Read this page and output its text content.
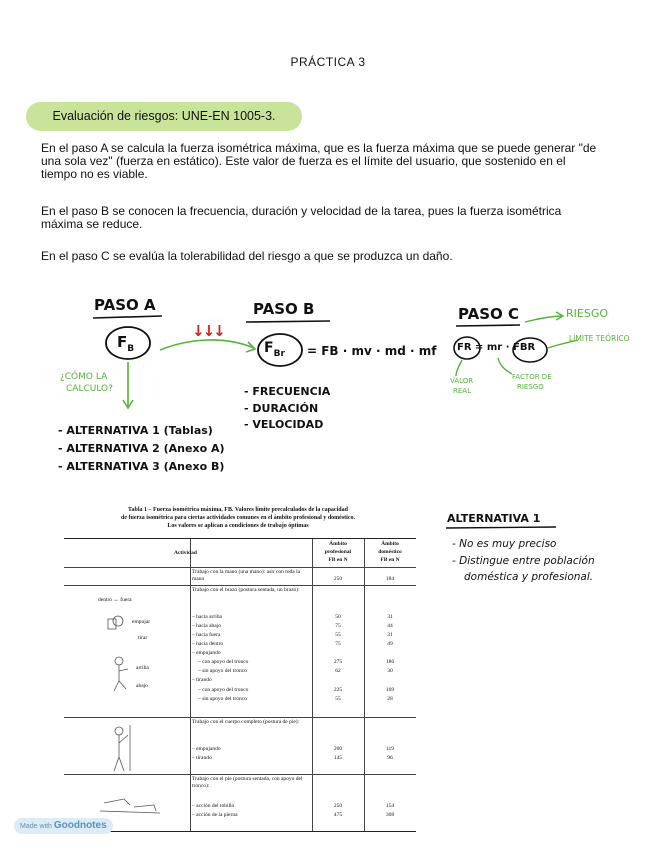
PRÁCTICA 3
Evaluación de riesgos: UNE-EN 1005-3.
En el paso A se calcula la fuerza isométrica máxima, que es la fuerza máxima que se puede generar "de una sola vez" (fuerza en estático). Este valor de fuerza es el límite del usuario, que sostenido en el tiempo no es viable.
En el paso B se conocen la frecuencia, duración y velocidad de la tarea, pues la fuerza isométrica máxima se reduce.
En el paso C se evalúa la tolerabilidad del riesgo a que se produzca un daño.
PASO A	PASO B	PASO C
$F_B$	$F_{Br}$ = FB · mv · md · mf
↓↓↓
¿CÓMO LA
CALCULO?
- ALTERNATIVA 1 (Tablas)
- ALTERNATIVA 2 (Anexo A)
- ALTERNATIVA 3 (Anexo B)
- FRECUENCIA
- DURACIÓN
- VELOCIDAD
RIESGO
LÍMITE TEÓRICO
FR = mr · FBR
VALOR
REAL
FACTOR DE
RIESGO
ALTERNATIVA 1
- No es muy preciso
- Distingue entre población
doméstica y profesional.
Tabla 1 – Fuerza isométrica máxima, FB. Valores límite precalculados de la capacidad
de fuerza isométrica para ciertas actividades comunes en el ámbito profesional y doméstico.
Los valores se aplican a condiciones de trabajo óptimas
Actividad
Ámbito
profesional
FB en N
Ámbito
doméstico
FB en N
dentro ↔ fuera
empujar
tirar
arriba
abajo
Trabajo con la mano (una mano): asir con toda la mano	250	184
Trabajo con el brazo (postura sentada, un brazo):
– hacia arriba	50	31
– hacia abajo	75	44
– hacia fuera	55	31
– hacia dentro	75	49
– empujando
– con apoyo del tronco	275	186
– sin apoyo del tronco	62	30
– tirando
– con apoyo del tronco	225	169
– sin apoyo del tronco	55	28
Trabajo con el cuerpo completo (postura de pie):
– empujando	200	119
– tirando	145	96
Trabajo con el pie (postura sentada, con apoyo del tronco):
– acción del tobillo	250	154
– acción de la pierna	475	308
Made with Goodnotes
